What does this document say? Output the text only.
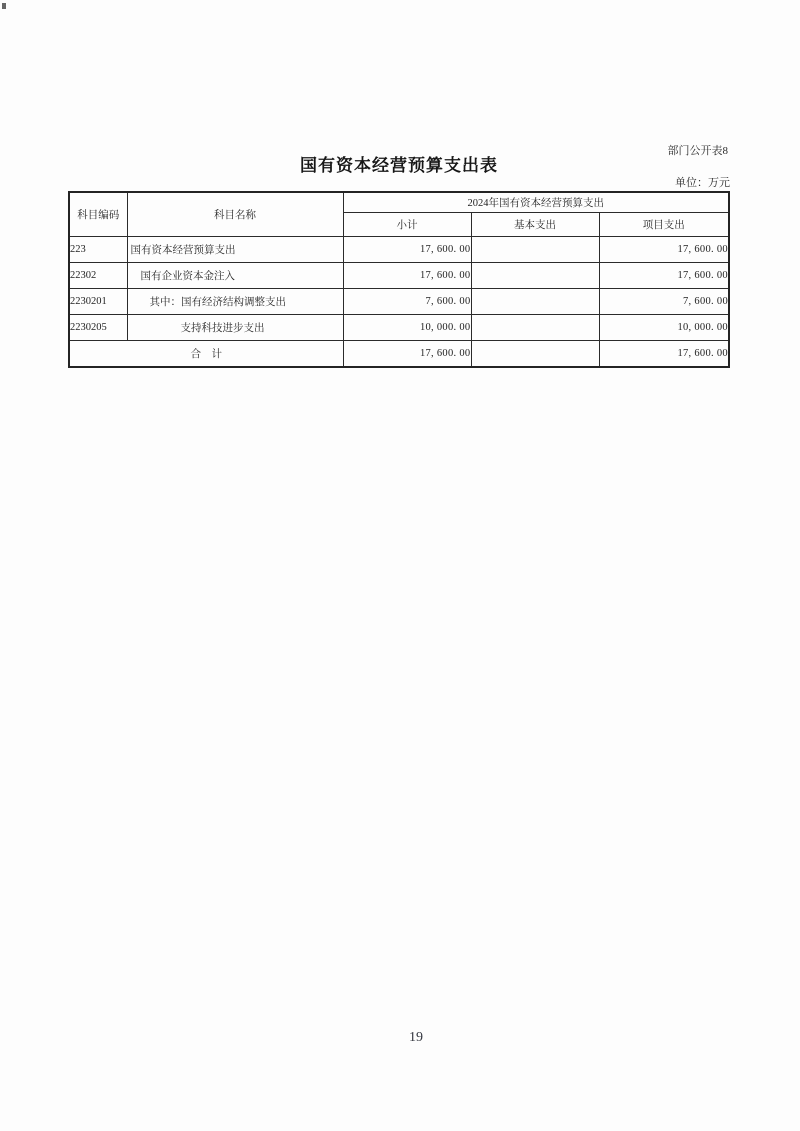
部门公开表8
国有资本经营预算支出表
单位：万元
科目编码	科目名称	2024年国有资本经营预算支出		
		小计	基本支出	项目支出
223	国有资本经营预算支出	17, 600. 00		17, 600. 00
22302	国有企业资本金注入	17, 600. 00		17, 600. 00
2230201	其中：国有经济结构调整支出	7, 600. 00		7, 600. 00
2230205	支持科技进步支出	10, 000. 00		10, 000. 00
合　计		17, 600. 00		17, 600. 00
19
